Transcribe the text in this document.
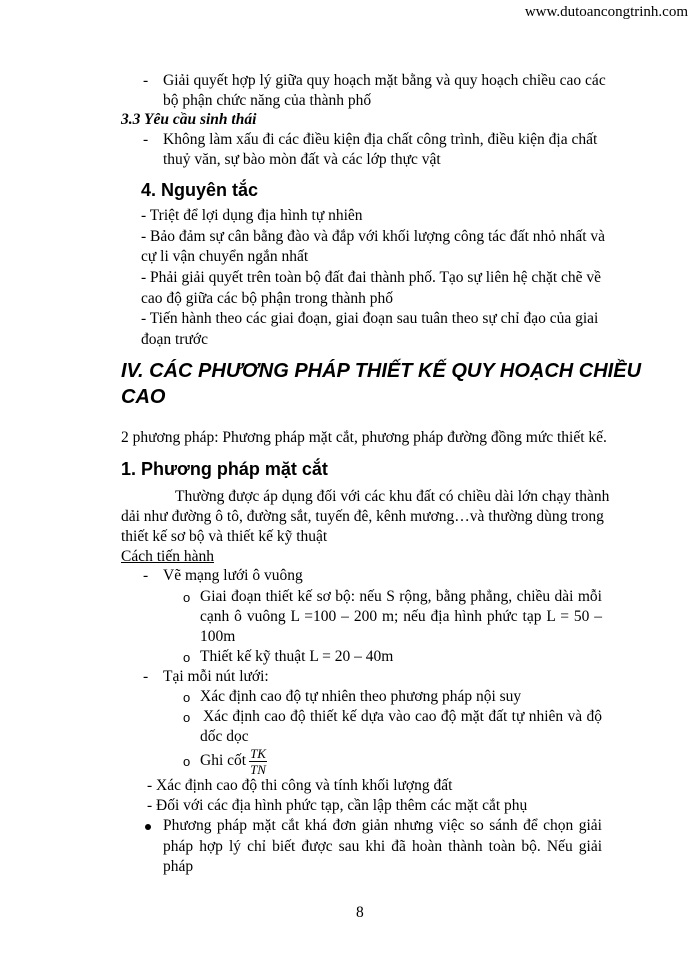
www.dutoancongtrinh.com
- Giải quyết hợp lý giữa quy hoạch mặt bằng và quy hoạch chiều cao các
bộ phận chức năng của thành phố
3.3 Yêu cầu sinh thái
- Không làm xấu đi các điều kiện địa chất công trình, điều kiện địa chất
thuỷ văn, sự bào mòn đất và các lớp thực vật
4. Nguyên tắc
- Triệt để lợi dụng địa hình tự nhiên
- Bảo đảm sự cân bằng đào và đắp với khối lượng công tác đất nhỏ nhất và
cự li vận chuyển ngắn nhất
- Phải giải quyết trên toàn bộ đất đai thành phố. Tạo sự liên hệ chặt chẽ về
cao độ giữa các bộ phận trong thành phố
- Tiến hành theo các giai đoạn, giai đoạn sau tuân theo sự chỉ đạo của giai
đoạn trước
IV. CÁC PHƯƠNG PHÁP THIẾT KẾ QUY HOẠCH CHIỀU
CAO
2 phương pháp: Phương pháp mặt cắt, phương pháp đường đồng mức thiết kế.
1. Phương pháp mặt cắt
Thường được áp dụng đối với các khu đất có chiều dài lớn chạy thành
dải như đường ô tô, đường sắt, tuyến đê, kênh mương…và thường dùng trong
thiết kế sơ bộ và thiết kế kỹ thuật
Cách tiến hành
- Vẽ mạng lưới ô vuông
o Giai đoạn thiết kế sơ bộ: nếu S rộng, bằng phẳng, chiều dài mỗi
cạnh ô vuông L =100 – 200 m; nếu địa hình phức tạp L = 50 –
100m
o Thiết kế kỹ thuật L = 20 – 40m
- Tại mỗi nút lưới:
o Xác định cao độ tự nhiên theo phương pháp nội suy
o Xác định cao độ thiết kế dựa vào cao độ mặt đất tự nhiên và độ
dốc dọc
o Ghi cốt $\frac{TK}{TN}$
- Xác định cao độ thi công và tính khối lượng đất
- Đối với các địa hình phức tạp, cần lập thêm các mặt cắt phụ
Phương pháp mặt cắt khá đơn giản nhưng việc so sánh để chọn giải
pháp hợp lý chỉ biết được sau khi đã hoàn thành toàn bộ. Nếu giải pháp
8
